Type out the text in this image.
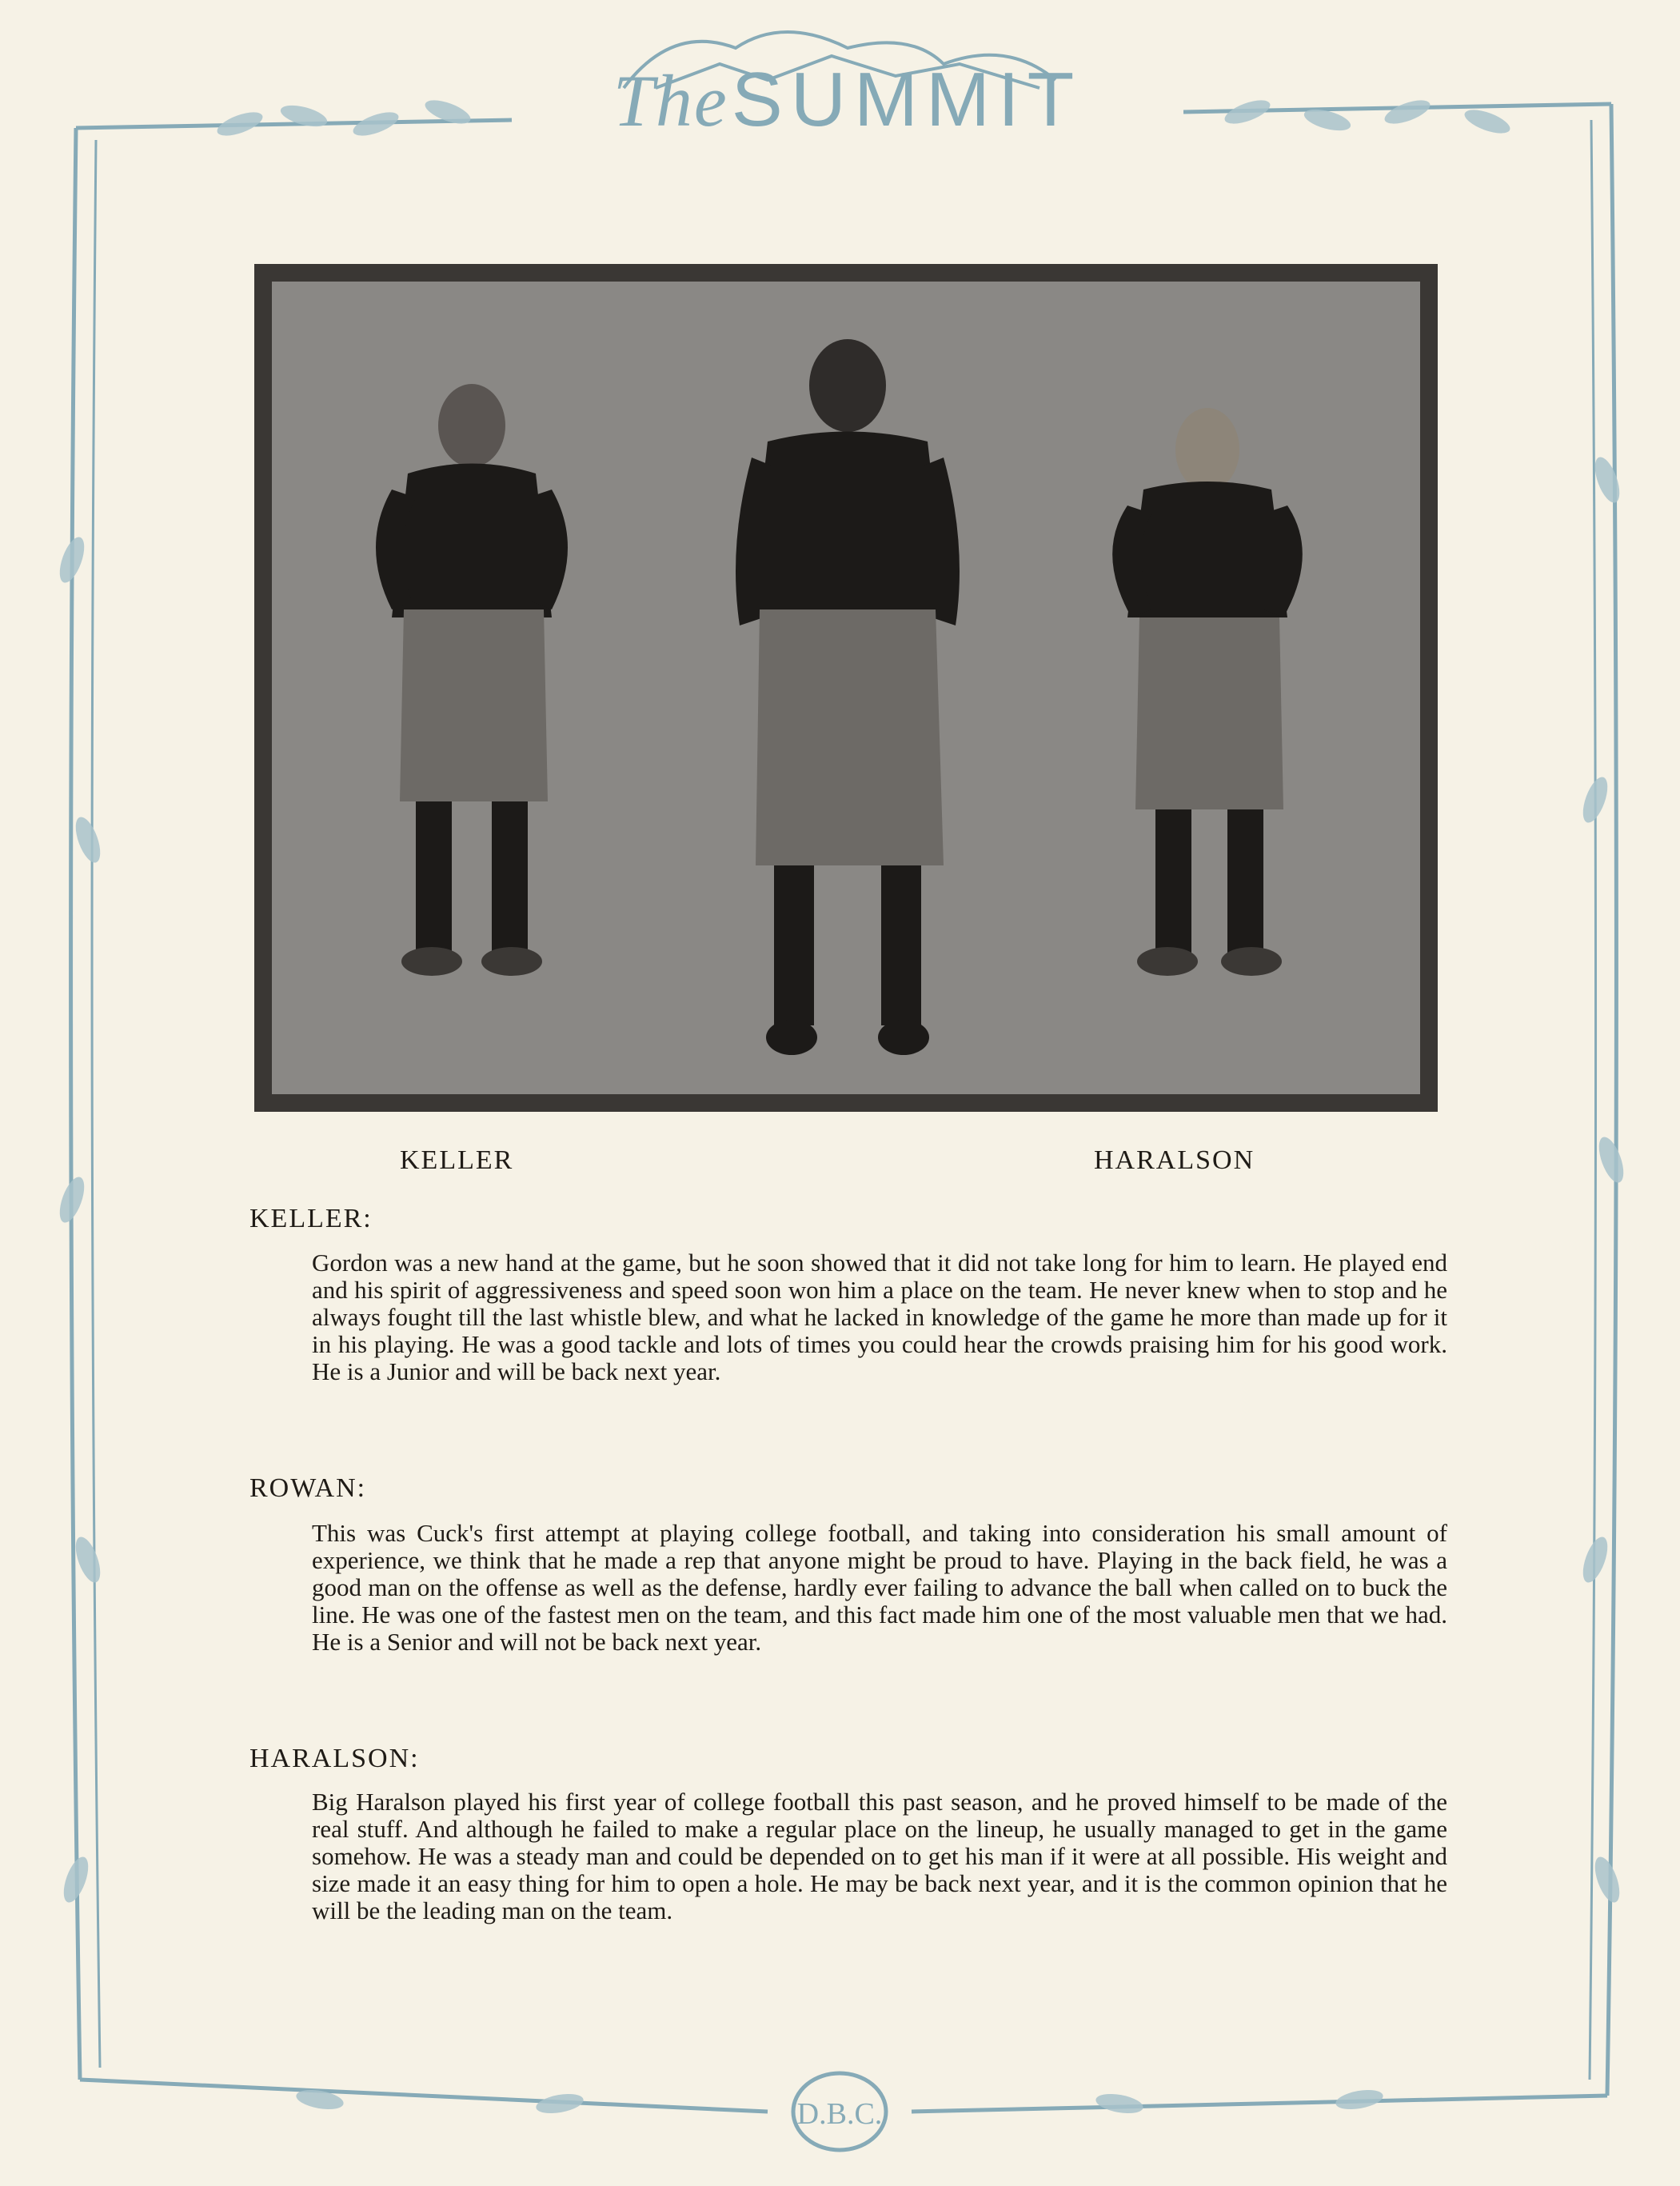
The SUMMIT
KELLER	HARALSON
KELLER:
Gordon was a new hand at the game, but he soon showed that it did not take long for him to learn. He played end and his spirit of aggressiveness and speed soon won him a place on the team. He never knew when to stop and he always fought till the last whistle blew, and what he lacked in knowledge of the game he more than made up for it in his playing. He was a good tackle and lots of times you could hear the crowds praising him for his good work. He is a Junior and will be back next year.
ROWAN:
This was Cuck's first attempt at playing college football, and taking into consideration his small amount of experience, we think that he made a rep that anyone might be proud to have. Playing in the back field, he was a good man on the offense as well as the defense, hardly ever failing to advance the ball when called on to buck the line. He was one of the fastest men on the team, and this fact made him one of the most valuable men that we had. He is a Senior and will not be back next year.
HARALSON:
Big Haralson played his first year of college football this past season, and he proved himself to be made of the real stuff. And although he failed to make a regular place on the lineup, he usually managed to get in the game somehow. He was a steady man and could be depended on to get his man if it were at all possible. His weight and size made it an easy thing for him to open a hole. He may be back next year, and it is the common opinion that he will be the leading man on the team.
D.B.C.
